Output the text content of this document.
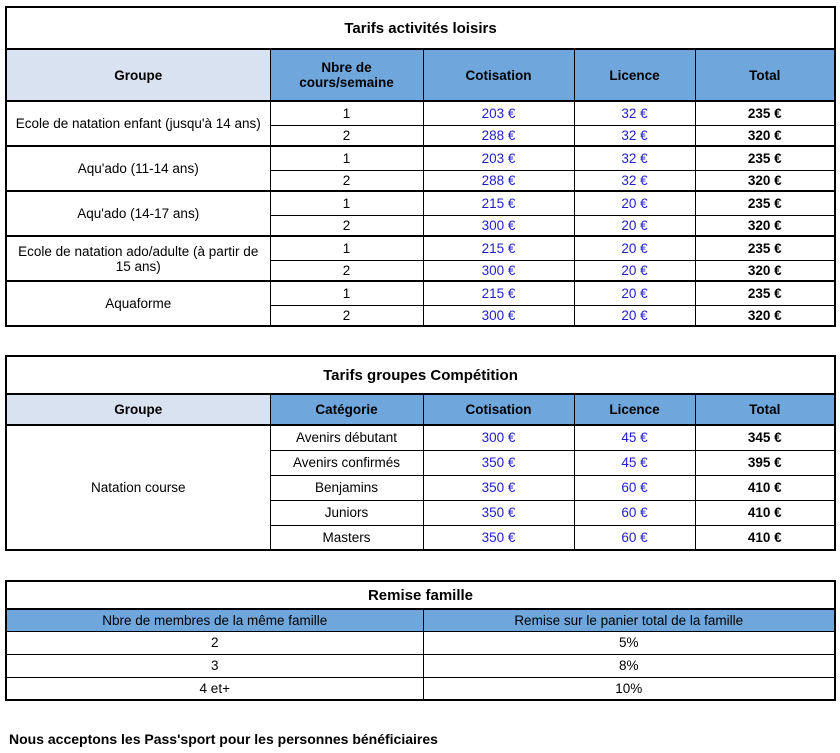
Tarifs activités loisirs				
Groupe	Nbre de cours/semaine	Cotisation	Licence	Total
Ecole de natation enfant (jusqu'à 14 ans)	1	203 €	32 €	235 €
	2	288 €	32 €	320 €
Aqu'ado (11-14 ans)	1	203 €	32 €	235 €
	2	288 €	32 €	320 €
Aqu'ado (14-17 ans)	1	215 €	20 €	235 €
	2	300 €	20 €	320 €
Ecole de natation ado/adulte (à partir de 15 ans)	1	215 €	20 €	235 €
	2	300 €	20 €	320 €
Aquaforme	1	215 €	20 €	235 €
	2	300 €	20 €	320 €
Tarifs groupes Compétition				
Groupe	Catégorie	Cotisation	Licence	Total
Natation course	Avenirs débutant	300 €	45 €	345 €
	Avenirs confirmés	350 €	45 €	395 €
	Benjamins	350 €	60 €	410 €
	Juniors	350 €	60 €	410 €
	Masters	350 €	60 €	410 €
Remise famille	
Nbre de membres de la même famille	Remise sur le panier total de la famille
2	5%
3	8%
4 et+	10%
Nous acceptons les Pass'sport pour les personnes bénéficiaires
